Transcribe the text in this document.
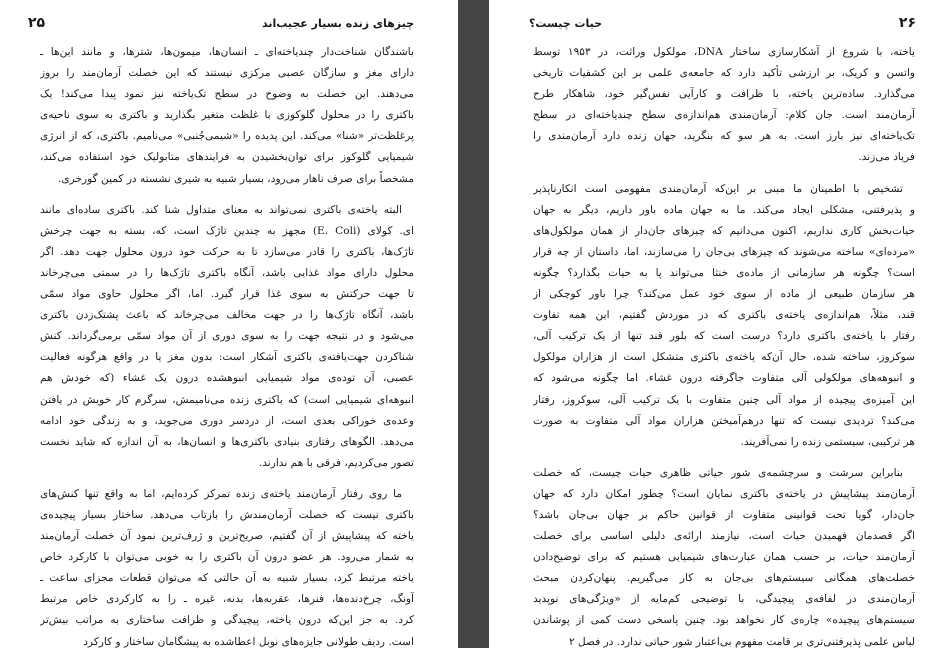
۲۵	چیزهای زنده بسیار عجیب‌اند
باشندگان شناخت‌دار چندیاخته‌ای ـ انسان‌ها، میمون‌ها، شترها، و مانند این‌ها ـ
دارای مغز و سازگان عصبی مرکزی نیستند که این خصلت آرمان‌مند را بروز
می‌دهند. این خصلت به وضوح در سطح تک‌یاخته نیز نمود پیدا می‌کند! یک
باکتری را در محلول گلوکوزی با غلظت متغیر بگذارید و باکتری به سوی ناحیه‌ی
پرغلظت‌تر «شنا» می‌کند. این پدیده را «شیمی‌جُنبی» می‌نامیم. باکتری، که از انرژی
شیمیایی گلوکوز برای توان‌بخشیدن به فرایندهای متابولیک خود استفاده می‌کند،
مشخصاً برای صرف ناهار می‌رود، بسیار شبیه به شیری نشسته در کمین گورخری.
البته یاخته‌ی باکتری نمی‌تواند به معنای متداول شنا کند. باکتری ساده‌ای مانند
ای. کولای (E. Coli) مجهز به چندین تاژک است، که، بسته به جهت چرخش
تاژک‌ها، باکتری را قادر می‌سازد تا به حرکت خود درون محلول جهت دهد. اگر
محلول دارای مواد غذایی باشد، آنگاه باکتری تاژک‌ها را در سمتی می‌چرخاند
تا جهت حرکتش به سوی غذا قرار گیرد. اما، اگر محلول حاوی مواد سمّی
باشد، آنگاه تاژک‌ها را در جهت مخالف می‌چرخاند که باعث پشتک‌زدن باکتری
می‌شود و در نتیجه جهت را به سوی دوری از آن مواد سمّی برمی‌گرداند. کنش
شناکردن جهت‌یافته‌ی باکتری آشکار است: بدون مغز یا در واقع هرگونه فعالیت
عصبی، آن توده‌ی مواد شیمیایی انبوهشده درون یک غشاء (که خودش هم
انبوهه‌ای شیمیایی است) که باکتری زنده می‌نامیمش، سرگرم کار خویش در یافتن
وعده‌ی خوراکی بعدی است، از دردسر دوری می‌جوید، و به زندگی خود ادامه
می‌دهد. الگوهای رفتاری بنیادی باکتری‌ها و انسان‌ها، به آن اندازه که شاید نخست
تصور می‌کردیم، فرقی با هم ندارند.
ما روی رفتار آرمان‌مند یاخته‌ی زنده تمرکز کرده‌ایم، اما به واقع تنها کنش‌های
باکتری نیست که خصلت آرمان‌مندش را بازتاب می‌دهد. ساختار بسیار پیچیده‌ی
یاخته که پیشاپیش از آن گفتیم، صریح‌ترین و ژرف‌ترین نمود آن خصلت آرمان‌مند
به شمار می‌رود. هر عضو درون آن باکتری را به خوبی می‌توان با کارکرد خاص
یاخته مرتبط کرد، بسیار شبیه به آن حالتی که می‌توان قطعات مجزای ساعت ـ
آونگ، چرخ‌دنده‌ها، فنرها، عقربه‌ها، بدنه، غیره ـ را به کارکردی خاص مرتبط
کرد. به جز این‌که درون یاخته، پیچیدگی و ظرافت ساختاری به مراتب بیش‌تر
است. ردیف طولانی جایزه‌های نوبل اعطاشده به پیشگامان ساختار و کارکرد
حیات چیست؟	۲۶
یاخته، با شروع از آشکارسازی ساختار DNA، مولکول وراثت، در ۱۹۵۳ توسط
واتسن و کریک، بر ارزشی تأکید دارد که جامعه‌ی علمی بر این کشفیات تاریخی
می‌گذارد. ساده‌ترین یاخته، با ظرافت و کارآیی نفس‌گیر خود، شاهکار طرح
آرمان‌مند است. جان کلام: آرمان‌مندی هم‌اندازه‌ی سطح چندیاخته‌ای در سطح
تک‌یاخته‌ای نیز بارز است. به هر سو که بنگرید، جهان زنده دارد آرمان‌مندی را
فریاد می‌زند.
تشخیص با اطمینان ما مبنی بر این‌که آرمان‌مندی مفهومی است انکارناپذیر
و پذیرفتنی، مشکلی ایجاد می‌کند. ما به جهان ماده باور داریم، دیگر به جهان
حیات‌بخش کاری نداریم، اکنون می‌دانیم که چیزهای جان‌دار از همان مولکول‌های
«مرده‌ای» ساخته می‌شوند که چیزهای بی‌جان را می‌سازند، اما، داستان از چه قرار
است؟ چگونه هر سازمانی از ماده‌ی خنثا می‌تواند پا به حیات بگذارد؟ چگونه
هر سازمان طبیعی از ماده از سوی خود عمل می‌کند؟ چرا باور کوچکی از
قند، مثلاً، هم‌اندازه‌ی یاخته‌ی باکتری که در موردش گفتیم، این همه تفاوت
رفتار با یاخته‌ی باکتری دارد؟ درست است که بلور قند تنها از یک ترکیب آلی،
سوکروز، ساخته شده، حال آن‌که یاخته‌ی باکتری متشکل است از هزاران مولکول
و انبوهه‌های مولکولی آلی متفاوت جاگرفته درون غشاء. اما چگونه می‌شود که
این آمیزه‌ی پیچیده از مواد آلی چنین متفاوت با یک ترکیب آلی، سوکروز، رفتار
می‌کند؟ تردیدی نیست که تنها درهم‌آمیختن هزاران مواد آلی متفاوت به صورت
هر ترکیبی، سیستمی زنده را نمی‌آفریند.
بنابراین سرشت و سرچشمه‌ی شور حیاتی ظاهری حیات چیست، که خصلت
آرمان‌مند پیشاپیش در یاخته‌ی باکتری نمایان است؟ چطور امکان دارد که جهان
جان‌دار، گویا تحت قوانینی متفاوت از قوانین حاکم بر جهان بی‌جان باشد؟
اگر قصدمان فهمیدن حیات است، نیازمند ارائه‌ی دلیلی اساسی برای خصلت
آرمان‌مند حیات، بر حسب همان عبارت‌های شیمیایی هستیم که برای توضیح‌دادن
خصلت‌های همگانی سیستم‌های بی‌جان به کار می‌گیریم. پنهان‌کردن مبحث
آرمان‌مندی در لفافه‌ی پیچیدگی، با توضیحی کم‌مایه از «ویژگی‌های نوپدید
سیستم‌های پیچیده» چاره‌ی کار نخواهد بود. چنین پاسخی دست کمی از پوشاندن
لباس علمی پذیرفتنی‌تری بر قامت مفهوم بی‌اعتبار شور حیاتی ندارد. در فصل ۲
